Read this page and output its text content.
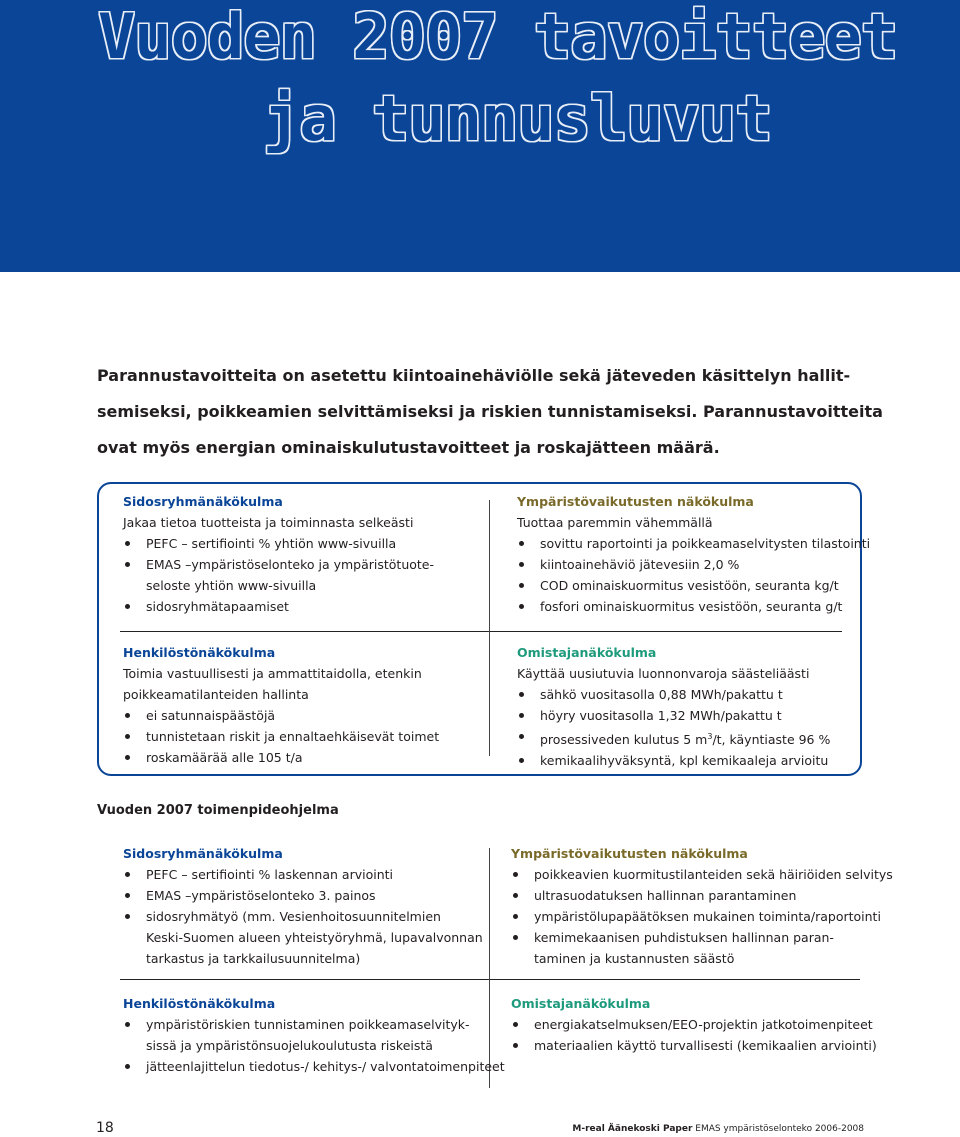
Vuoden 2007 tavoitteet
ja tunnusluvut

Parannustavoitteita on asetettu kiintoainehäviölle sekä jäteveden käsittelyn hallit-

semiseksi, poikkeamien selvittämiseksi ja riskien tunnistamiseksi. Parannustavoitteita

ovat myös energian ominaiskulutustavoitteet ja roskajätteen määrä.

Sidosryhmänäkökulma
Jakaa tietoa tuotteista ja toiminnasta selkeästi
PEFC – sertifiointi % yhtiön www-sivuilla
EMAS –ympäristöselonteko ja ympäristötuote-
seloste yhtiön www-sivuilla
sidosryhmätapaamiset
Ympäristövaikutusten näkökulma
Tuottaa paremmin vähemmällä
sovittu raportointi ja poikkeamaselvitysten tilastointi
kiintoainehäviö jätevesiin 2,0 %
COD ominaiskuormitus vesistöön, seuranta kg/t
fosfori ominaiskuormitus vesistöön, seuranta g/t
Henkilöstönäkökulma
Toimia vastuullisesti ja ammattitaidolla, etenkin
poikkeamatilanteiden hallinta
ei satunnaispäästöjä
tunnistetaan riskit ja ennaltaehkäisevät toimet
roskamäärää alle 105 t/a
Omistajanäkökulma
Käyttää uusiutuvia luonnonvaroja säästeliäästi
sähkö vuositasolla 0,88 MWh/pakattu t
höyry vuositasolla 1,32 MWh/pakattu t
prosessiveden kulutus 5 $m^3/t$, käyntiaste 96 %
kemikaalihyväksyntä, kpl kemikaaleja arvioitu
Vuoden 2007 toimenpideohjelma
Sidosryhmänäkökulma
PEFC – sertifiointi % laskennan arviointi
EMAS –ympäristöselonteko 3. painos
sidosryhmätyö (mm. Vesienhoitosuunnitelmien
Keski-Suomen alueen yhteistyöryhmä, lupavalvonnan
tarkastus ja tarkkailusuunnitelma)
Ympäristövaikutusten näkökulma
poikkeavien kuormitustilanteiden sekä häiriöiden selvitys
ultrasuodatuksen hallinnan parantaminen
ympäristölupapäätöksen mukainen toiminta/raportointi
kemimekaanisen puhdistuksen hallinnan paran-
taminen ja kustannusten säästö
Henkilöstönäkökulma
ympäristöriskien tunnistaminen poikkeamaselvityk-
sissä ja ympäristönsuojelukoulutusta riskeistä
jätteenlajittelun tiedotus-/ kehitys-/ valvontatoimenpiteet
Omistajanäkökulma
energiakatselmuksen/EEO-projektin jatkotoimenpiteet
materiaalien käyttö turvallisesti (kemikaalien arviointi)
18	M-real Äänekoski Paper EMAS ympäristöselonteko 2006-2008
